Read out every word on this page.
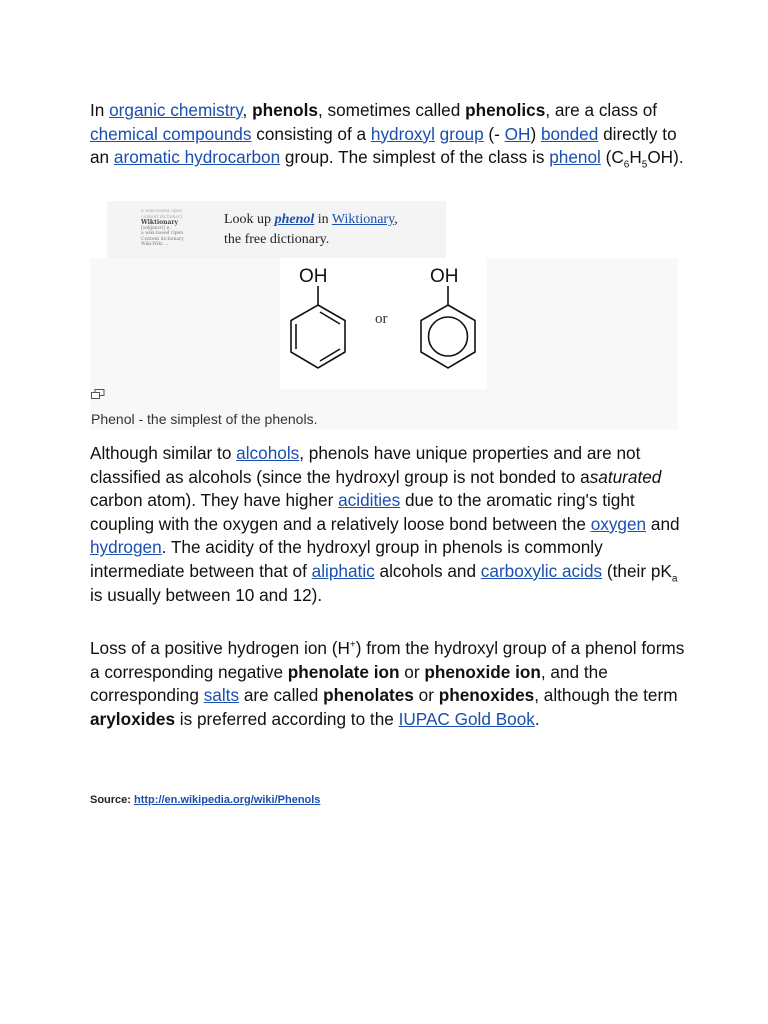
In organic chemistry, phenols, sometimes called phenolics, are a class of chemical compounds consisting of a hydroxyl group (- OH) bonded directly to an aromatic hydrocarbon group. The simplest of the class is phenol $(C_6H_5OH)$.

a wiki-based open content dictionary
Wiktionary
[wɪkʃənɛri] n.
a wiki-based Open
Content dictionary
Wiki-Wiki ...
Look up phenol in Wiktionary,
the free dictionary.
OH
or
OH
Phenol - the simplest of the phenols.

Although similar to alcohols, phenols have unique properties and are not classified as alcohols (since the hydroxyl group is not bonded to asaturated carbon atom). They have higher acidities due to the aromatic ring's tight coupling with the oxygen and a relatively loose bond between the oxygen and hydrogen. The acidity of the hydroxyl group in phenols is commonly intermediate between that of aliphatic alcohols and carboxylic acids (their $pK_a$ is usually between 10 and 12).

Loss of a positive hydrogen ion (H+) from the hydroxyl group of a phenol forms a corresponding negative phenolate ion or phenoxide ion, and the corresponding salts are called phenolates or phenoxides, although the term aryloxides is preferred according to the IUPAC Gold Book.

Source: http://en.wikipedia.org/wiki/Phenols
